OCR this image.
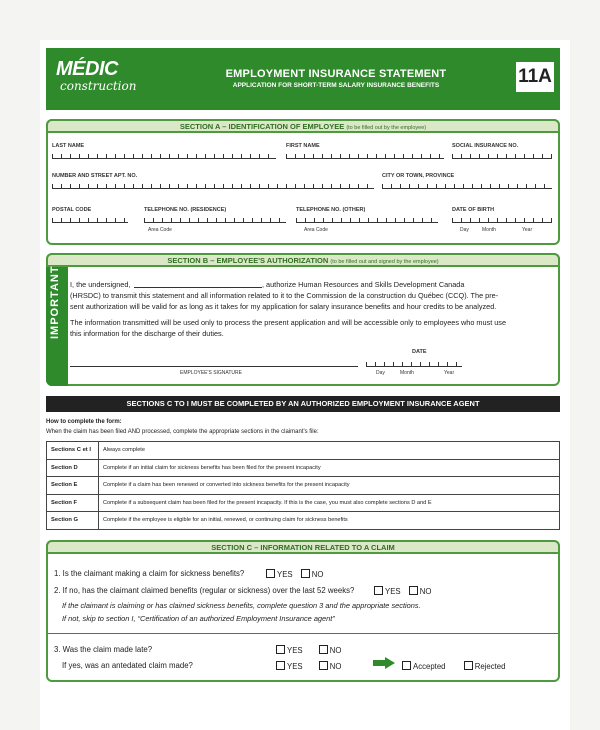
MÉDIC
construction
EMPLOYMENT INSURANCE STATEMENT
APPLICATION FOR SHORT-TERM SALARY INSURANCE BENEFITS	11A
SECTION A – IDENTIFICATION OF EMPLOYEE (to be filled out by the employee)
LAST NAME	FIRST NAME	SOCIAL INSURANCE NO.
NUMBER AND STREET APT. NO.	CITY OR TOWN, PROVINCE
POSTAL CODE	TELEPHONE NO. (RESIDENCE)	TELEPHONE NO. (OTHER)	DATE OF BIRTH
Area Code	Area Code	Day	Month	Year
SECTION B – EMPLOYEE'S AUTHORIZATION (to be filled out and signed by the employee)
IMPORTANT I, the undersigned,	, authorize Human Resources and Skills Development Canada
(HRSDC) to transmit this statement and all information related to it to the Commission de la construction du Québec (CCQ). The pre-
sent authorization will be valid for as long as it takes for my application for salary insurance benefits and hour credits to be analyzed.
The information transmitted will be used only to process the present application and will be accessible only to employees who must use
this information for the discharge of their duties.
DATE
EMPLOYEE'S SIGNATURE	Day	Month	Year
SECTIONS C TO I MUST BE COMPLETED BY AN AUTHORIZED EMPLOYMENT INSURANCE AGENT
How to complete the form:
When the claim has been filed AND processed, complete the appropriate sections in the claimant's file:
Sections C et I	Always complete
Section D	Complete if an initial claim for sickness benefits has been filed for the present incapacity
Section E	Complete if a claim has been renewed or converted into sickness benefits for the present incapacity
Section F	Complete if a subsequent claim has been filed for the present incapacity. If this is the case, you must also complete sections D and E
Section G	Complete if the employee is eligible for an initial, renewed, or continuing claim for sickness benefits
SECTION C – INFORMATION RELATED TO A CLAIM
1. Is the claimant making a claim for sickness benefits?	YES NO
2. If no, has the claimant claimed benefits (regular or sickness) over the last 52 weeks?	YES NO
If the claimant is claiming or has claimed sickness benefits, complete question 3 and the appropriate sections.
If not, skip to section I, “Certification of an authorized Employment Insurance agent”
3. Was the claim made late?	YES	NO
If yes, was an antedated claim made?	YES	NO	Accepted	Rejected
